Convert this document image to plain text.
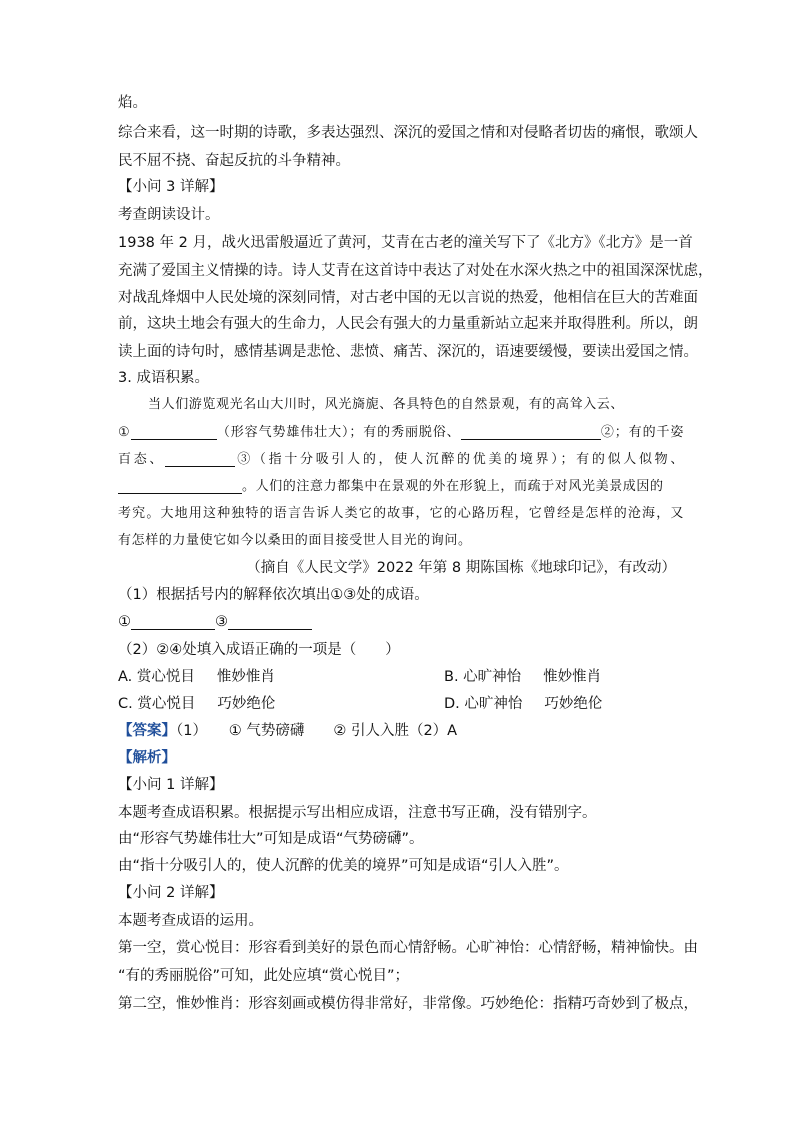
焰。
综合来看，这一时期的诗歌，多表达强烈、深沉的爱国之情和对侵略者切齿的痛恨，歌颂人
民不屈不挠、奋起反抗的斗争精神。
【小问 3 详解】
考查朗读设计。
1938 年 2 月，战火迅雷般逼近了黄河，艾青在古老的潼关写下了《北方》《北方》是一首
充满了爱国主义情操的诗。诗人艾青在这首诗中表达了对处在水深火热之中的祖国深深忧虑，
对战乱烽烟中人民处境的深刻同情，对古老中国的无以言说的热爱，他相信在巨大的苦难面
前，这块土地会有强大的生命力，人民会有强大的力量重新站立起来并取得胜利。所以，朗
读上面的诗句时，感情基调是悲怆、悲愤、痛苦、深沉的，语速要缓慢，要读出爱国之情。
3. 成语积累。
当人们游览观光名山大川时，风光旖旎、各具特色的自然景观，有的高耸入云、
①	（形容气势雄伟壮大）；有的秀丽脱俗、	②；有的千姿
百态、	③（指十分吸引人的，使人沉醉的优美的境界）；有的似人似物、
。人们的注意力都集中在景观的外在形貌上，而疏于对风光美景成因的
考究。大地用这种独特的语言告诉人类它的故事，它的心路历程，它曾经是怎样的沧海，又
有怎样的力量使它如今以桑田的面目接受世人目光的询问。
（摘自《人民文学》2022 年第 8 期陈国栋《地球印记》，有改动）
（1）根据括号内的解释依次填出①③处的成语。
①	③
（2）②④处填入成语正确的一项是（　　）
A. 赏心悦目 惟妙惟肖	B. 心旷神怡 惟妙惟肖
C. 赏心悦目 巧妙绝伦	D. 心旷神怡 巧妙绝伦
【答案】（1）　　① 气势磅礴　　② 引人入胜（2）A
【解析】
【小问 1 详解】
本题考查成语积累。根据提示写出相应成语，注意书写正确，没有错别字。
由“形容气势雄伟壮大”可知是成语“气势磅礴”。
由“指十分吸引人的，使人沉醉的优美的境界”可知是成语“引人入胜”。
【小问 2 详解】
本题考查成语的运用。
第一空，赏心悦目：形容看到美好的景色而心情舒畅。心旷神怡：心情舒畅，精神愉快。由
“有的秀丽脱俗”可知，此处应填“赏心悦目”；
第二空，惟妙惟肖：形容刻画或模仿得非常好，非常像。巧妙绝伦：指精巧奇妙到了极点，
